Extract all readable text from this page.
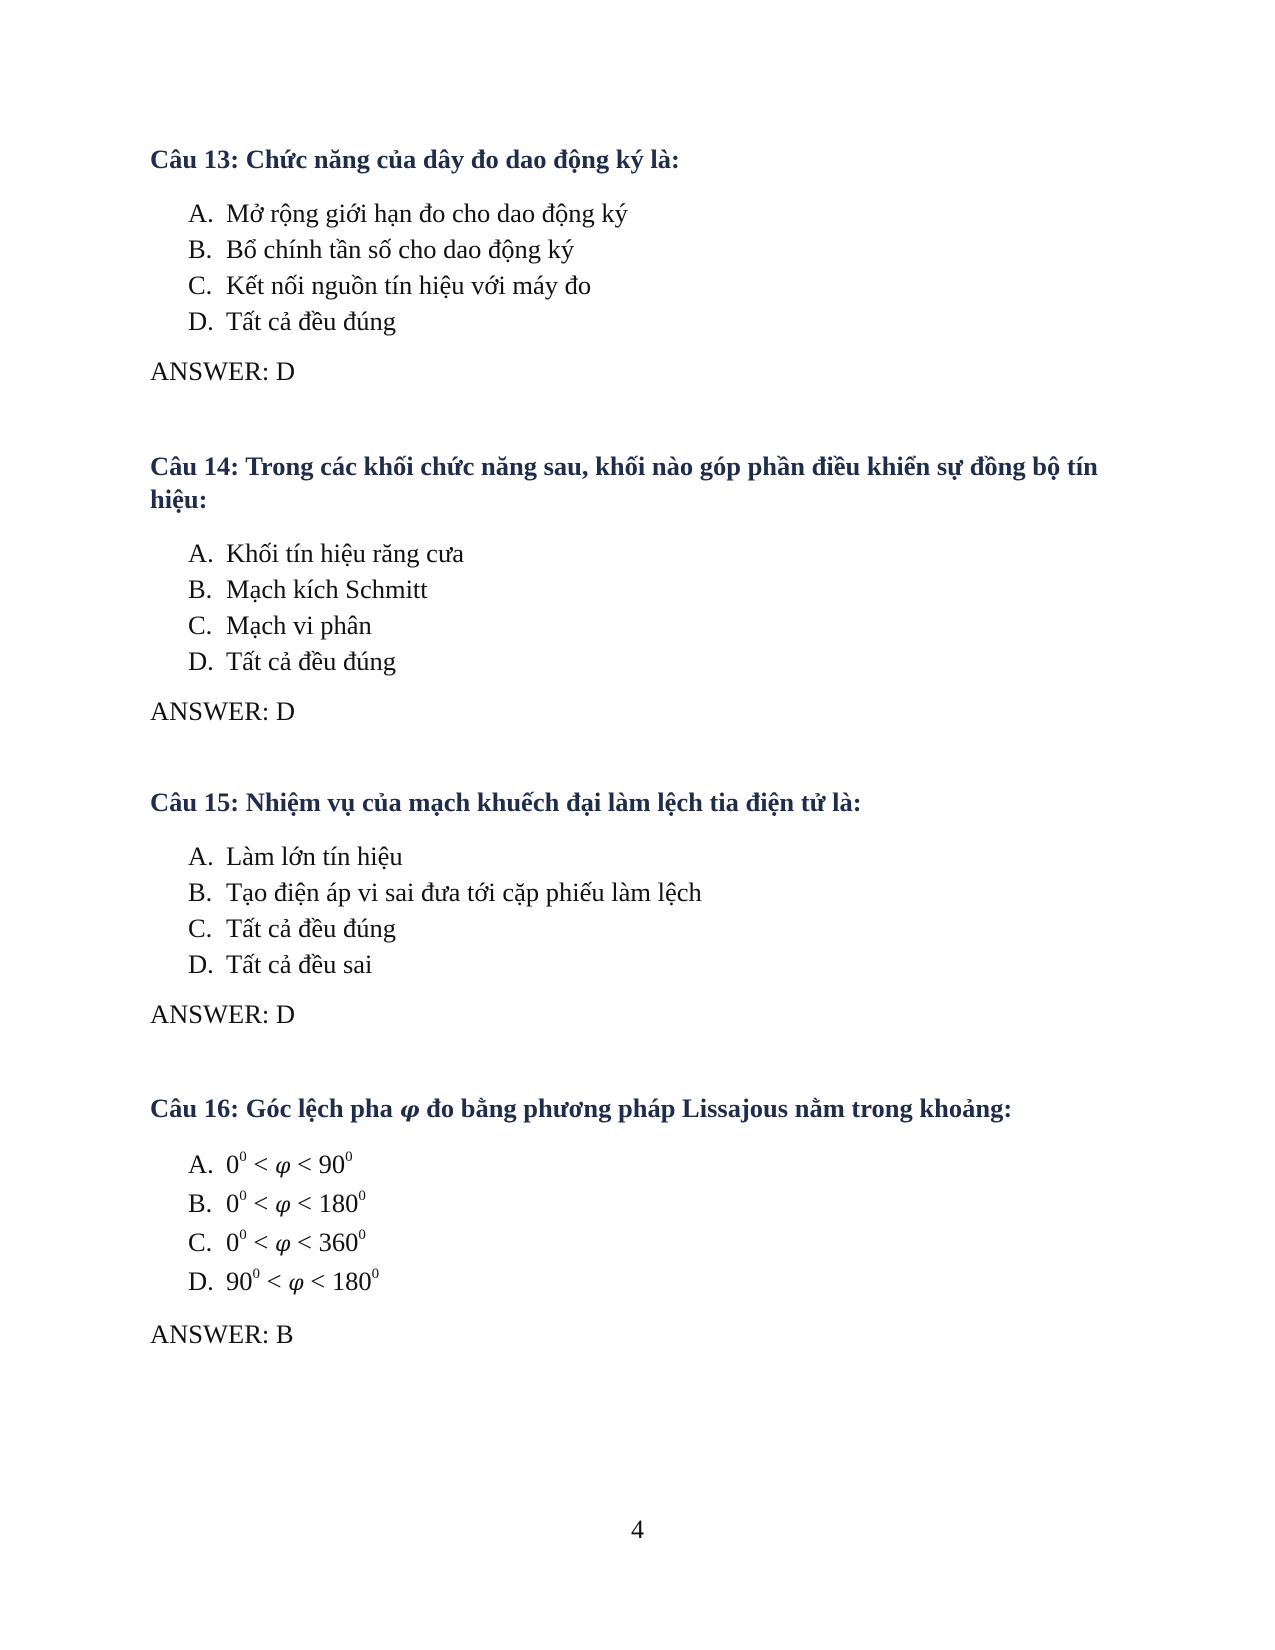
Câu 13: Chức năng của dây đo dao động ký là:

A. Mở rộng giới hạn đo cho dao động ký
B. Bổ chính tần số cho dao động ký
C. Kết nối nguồn tín hiệu với máy đo
D. Tất cả đều đúng
ANSWER: D

Câu 14: Trong các khối chức năng sau, khối nào góp phần điều khiển sự đồng bộ tín hiệu:

A. Khối tín hiệu răng cưa
B. Mạch kích Schmitt
C. Mạch vi phân
D. Tất cả đều đúng
ANSWER: D

Câu 15: Nhiệm vụ của mạch khuếch đại làm lệch tia điện tử là:

A. Làm lớn tín hiệu
B. Tạo điện áp vi sai đưa tới cặp phiếu làm lệch
C. Tất cả đều đúng
D. Tất cả đều sai
ANSWER: D

Câu 16: Góc lệch pha φ đo bằng phương pháp Lissajous nằm trong khoảng:

A. $0^0 < \varphi < 90^0$
B. $0^0 < \varphi < 180^0$
C. $0^0 < \varphi < 360^0$
D. $90^0 < \varphi < 180^0$
ANSWER: B
4
